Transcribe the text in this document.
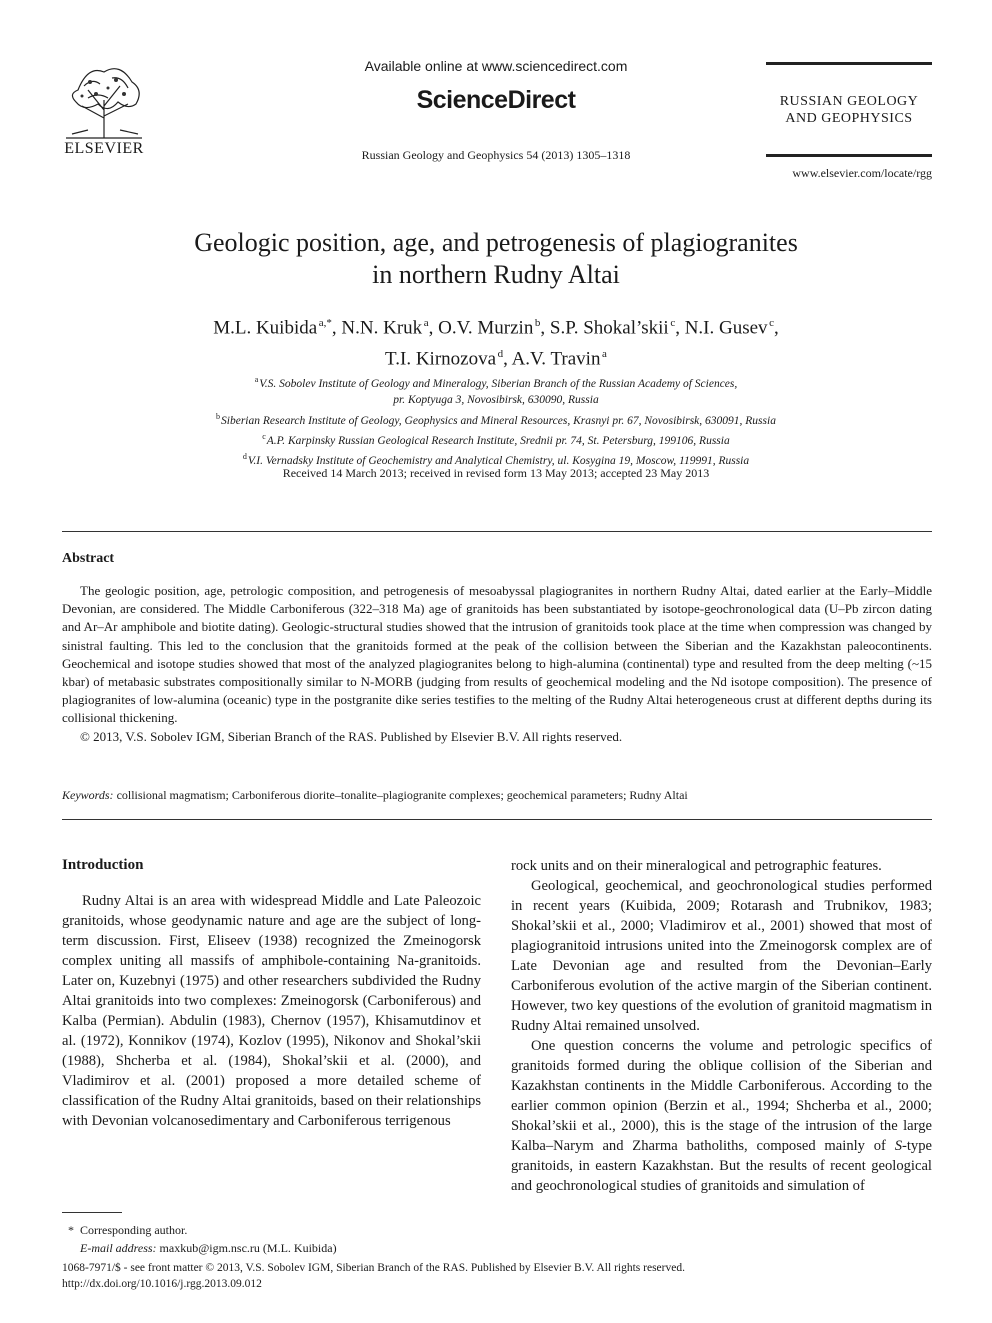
ELSEVIER
Available online at www.sciencedirect.com
ScienceDirect
Russian Geology and Geophysics 54 (2013) 1305–1318
RUSSIAN GEOLOGY
AND GEOPHYSICS
www.elsevier.com/locate/rgg
Geologic position, age, and petrogenesis of plagiogranites
in northern Rudny Altai
M.L. Kuibida  $^{a,*}$, N.N. Kruk  $^a$, O.V. Murzin  $^b$, S.P. Shokal’skii  $^c$, N.I. Gusev  $^c$,
T.I. Kirnozova  $^d$, A.V. Travin  $^a$
$^a$ V.S. Sobolev Institute of Geology and Mineralogy, Siberian Branch of the Russian Academy of Sciences,
pr. Koptyuga 3, Novosibirsk, 630090, Russia
$^b$ Siberian Research Institute of Geology, Geophysics and Mineral Resources, Krasnyi pr. 67, Novosibirsk, 630091, Russia
$^c$ A.P. Karpinsky Russian Geological Research Institute, Srednii pr. 74, St. Petersburg, 199106, Russia
$^d$ V.I. Vernadsky Institute of Geochemistry and Analytical Chemistry, ul. Kosygina 19, Moscow, 119991, Russia
Received 14 March 2013; received in revised form 13 May 2013; accepted 23 May 2013
Abstract

The geologic position, age, petrologic composition, and petrogenesis of mesoabyssal plagiogranites in northern Rudny Altai, dated earlier at the Early–Middle Devonian, are considered. The Middle Carboniferous (322–318 Ma) age of granitoids has been substantiated by isotope-geochronological data (U–Pb zircon dating and Ar–Ar amphibole and biotite dating). Geologic-structural studies showed that the intrusion of granitoids took place at the time when compression was changed by sinistral faulting. This led to the conclusion that the granitoids formed at the peak of the collision between the Siberian and the Kazakhstan paleocontinents. Geochemical and isotope studies showed that most of the analyzed plagiogranites belong to high-alumina (continental) type and resulted from the deep melting (~15 kbar) of metabasic substrates compositionally similar to N-MORB (judging from results of geochemical modeling and the Nd isotope composition). The presence of plagiogranites of low-alumina (oceanic) type in the postgranite dike series testifies to the melting of the Rudny Altai heterogeneous crust at different depths during its collisional thickening.

© 2013, V.S. Sobolev IGM, Siberian Branch of the RAS. Published by Elsevier B.V. All rights reserved.

Keywords: collisional magmatism; Carboniferous diorite–tonalite–plagiogranite complexes; geochemical parameters; Rudny Altai
Introduction

Rudny Altai is an area with widespread Middle and Late Paleozoic granitoids, whose geodynamic nature and age are the subject of long-term discussion. First, Eliseev (1938) recognized the Zmeinogorsk complex uniting all massifs of amphibole-containing Na-granitoids. Later on, Kuzebnyi (1975) and other researchers subdivided the Rudny Altai granitoids into two complexes: Zmeinogorsk (Carboniferous) and Kalba (Permian). Abdulin (1983), Chernov (1957), Khisamutdinov et al. (1972), Konnikov (1974), Kozlov (1995), Nikonov and Shokal’skii (1988), Shcherba et al. (1984), Shokal’skii et al. (2000), and Vladimirov et al. (2001) proposed a more detailed scheme of classification of the Rudny Altai granitoids, based on their relationships with Devonian volcanosedimentary and Carboniferous terrigenous

rock units and on their mineralogical and petrographic features.

Geological, geochemical, and geochronological studies performed in recent years (Kuibida, 2009; Rotarash and Trubnikov, 1983; Shokal’skii et al., 2000; Vladimirov et al., 2001) showed that most of plagiogranitoid intrusions united into the Zmeinogorsk complex are of Late Devonian age and resulted from the Devonian–Early Carboniferous evolution of the active margin of the Siberian continent. However, two key questions of the evolution of granitoid magmatism in Rudny Altai remained unsolved.

One question concerns the volume and petrologic specifics of granitoids formed during the oblique collision of the Siberian and Kazakhstan continents in the Middle Carboniferous. According to the earlier common opinion (Berzin et al., 1994; Shcherba et al., 2000; Shokal’skii et al., 2000), this is the stage of the intrusion of the large Kalba–Narym and Zharma batholiths, composed mainly of S-type granitoids, in eastern Kazakhstan. But the results of recent geological and geochronological studies of granitoids and simulation of

* Corresponding author.
E-mail address: maxkub@igm.nsc.ru (M.L. Kuibida)
1068-7971/$ - see front matter © 2013, V.S. Sobolev IGM, Siberian Branch of the RAS. Published by Elsevier B.V. All rights reserved.
http://dx.doi.org/10.1016/j.rgg.2013.09.012
